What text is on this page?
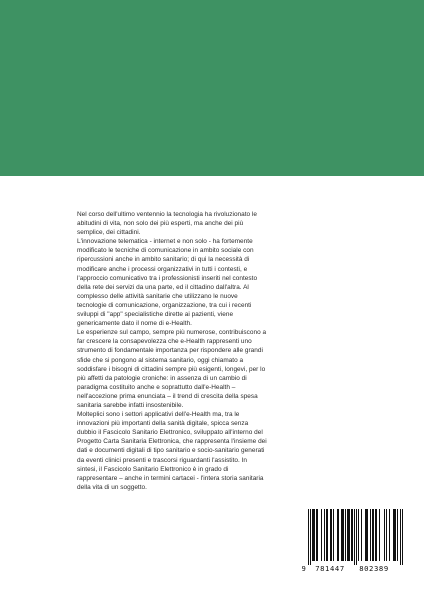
Nel corso dell'ultimo ventennio la tecnologia ha rivoluzionato le
abitudini di vita, non solo dei più esperti, ma anche dei più
semplice, dei cittadini.

L'innovazione telematica - internet e non solo - ha fortemente
modificato le tecniche di comunicazione in ambito sociale con
ripercussioni anche in ambito sanitario; di qui la necessità di
modificare anche i processi organizzativi in tutti i contesti, e
l'approccio comunicativo tra i professionisti inseriti nel contesto
della rete dei servizi da una parte, ed il cittadino dall'altra. Al
complesso delle attività sanitarie che utilizzano le nuove
tecnologie di comunicazione, organizzazione, tra cui i recenti
sviluppi di "app" specialistiche dirette ai pazienti, viene
genericamente dato il nome di e-Health.

Le esperienze sul campo, sempre più numerose, contribuiscono a
far crescere la consapevolezza che e-Health rappresenti uno
strumento di fondamentale importanza per rispondere alle grandi
sfide che si pongono al sistema sanitario, oggi chiamato a
soddisfare i bisogni di cittadini sempre più esigenti, longevi, per lo
più affetti da patologie croniche: in assenza di un cambio di
paradigma costituito anche e soprattutto dall'e-Health –
nell'accezione prima enunciata – il trend di crescita della spesa
sanitaria sarebbe infatti insostenibile.

Molteplici sono i settori applicativi dell'e-Health ma, tra le
innovazioni più importanti della sanità digitale, spicca senza
dubbio il Fascicolo Sanitario Elettronico, sviluppato all'interno del
Progetto Carta Sanitaria Elettronica, che rappresenta l'insieme dei
dati e documenti digitali di tipo sanitario e socio-sanitario generati
da eventi clinici presenti e trascorsi riguardanti l'assistito. In
sintesi, il Fascicolo Sanitario Elettronico è in grado di
rappresentare – anche in termini cartacei - l'intera storia sanitaria
della vita di un soggetto.

9 781447 802389
